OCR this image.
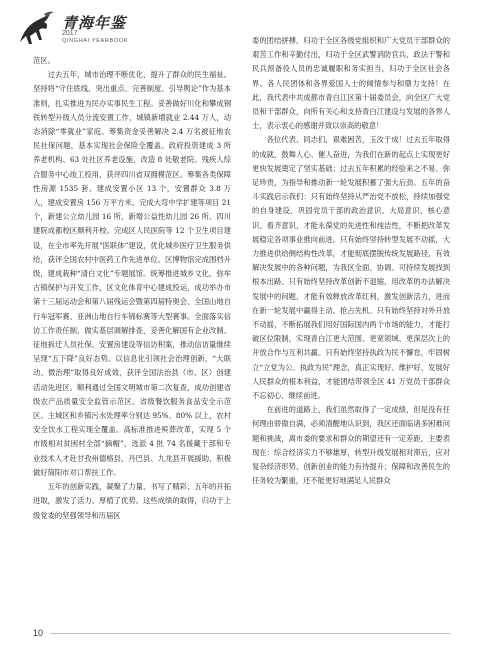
青海年鉴
2017
QINGHAI YEARBOOK

范区。

过去五年，城市治理不断优化，提升了群众的民生福祉。坚持将“守住底线、突出重点、完善制度、引导舆论”作为基本准则，扎实推进为民办实事民生工程。妥善做好川化和攀成钢铁转型升级人员分流安置工作，城镇新增就业 2.44 万人，动态消除“零就业”家庭。筹集资金妥善解决 2.4 万名被征地农民社保问题，基本实现社会保险全覆盖。政府投资建成 3 所养老机构、63 处社区养老设施，改造 8 处敬老院。残疾人综合服务中心竣工投用，获评四川省双拥模范区。筹集各类保障性房源 1535 套。建成安置小区 13 个，安置群众 3.8 万人，建成安置房 156 万平方米。完成大弯中学扩建等项目 21 个，新建公立幼儿园 16 所，新增公益性幼儿园 26 所。四川建院成都校区顺利开校。完成区人民医院等 12 个卫生项目建设，在全市率先开展“医联体”建设，优化城乡医疗卫生服务供给，获评全国农村中医药工作先进单位。区博物馆完成围档升级，建成栽种“清白文化”专题展馆。统筹推进城乡文化，弥牟古镇保护与开发工作，区文化体育中心建成投运，成功举办市第十三届运动会和第八届残运会暨第四届特奥会、全国山地自行车冠军赛、亚洲山地自行车锦标赛等大型赛事。全面落实信访工作责任制，做实基层调解排查，妥善化解国有企业改制、征地拆迁人员社保、安置房建设等信访积案，推动信访量继续呈现“五下降”良好态势。以信息化引领社会治理创新，“大联动、微治理”取得良好成效，获评全国法治县（市、区）创建活动先进区。顺利通过全国文明城市第二次复查，成功创建省级农产品质量安全监管示范区、省级餐饮服务食品安全示范区。主城区和乡镇污水处理率分别达 95%、80% 以上，农村安全饮水工程实现全覆盖。高标准推进殡葬改革，实现 5 个市级相对贫困村全部“摘帽”，选派 4 批 74 名援藏干部和专业技术人才赴甘孜州德格县、丹巴县、九龙县开展援助，积极做好简阳市对口帮扶工作。

五年的创新实践，凝聚了力量、书写了精彩；五年的开拓进取，激发了活力、厚植了优势。这些成绩的取得，归功于上级党委的坚强领导和历届区

委的团结拼搏，归功于全区各级党组织和广大党员干部群众的艰苦工作和辛勤付出，归功于全区武警消防官兵、政法干警和民兵预备役人员的忠诚履职和务实担当，归功于全区社会各界、各人民团体和各界爱国人士的倾情参与和鼎力支持！在此，我代表中共成都市青白江区第十届委员会，向全区广大党员和干部群众，向所有关心和支持青白江建设与发展的各界人士，表示衷心的感谢并致以崇高的敬意！

各位代表、同志们，艰难困苦，玉汝于成！过去五年取得的成就，鼓舞人心、催人奋进，为我们在新的起点上实现更好更快发展奠定了坚实基础；过去五年积累的经验来之不易、弥足珍贵，为指导和推动新一轮发展积蓄了强大后劲。五年的奋斗实践启示我们：只有始终坚持从严治党不放松，持续加强党的自身建设，巩固党员干部的政治意识、大局意识、核心意识、看齐意识，才能永葆党的先进性和纯洁性，不断把改革发展稳定各项事业推向前进。只有始终坚持转型发展不动摇，大力推进供给侧结构性改革，才能彻底摆脱传统发展路径，有效解决发展中的各种问题，为我区全面、协调、可持续发展找到根本出路。只有始终坚持改革创新不退缩，用改革的办法解决发展中的问题，才能有效释放改革红利，激发创新活力，进而在新一轮发展中赢得主动、抢占先机。只有始终坚持对外开放不动摇，不断拓展我们用好国际国内两个市场的能力，才能打破区位限制，实现青白江更大范围、更宽领域、更深层次上的开放合作与互利共赢。只有始终坚持执政为民不懈怠，牢固树立“立党为公、执政为民”理念，真正实现好、维护好、发展好人民群众的根本利益，才能团结带领全区 41 万党员干部群众不忘初心、继续前进。

在前进的道路上，我们虽然取得了一定成绩，但是没有任何理由骄傲自满，必须清醒地认识到，我区还面临诸多困难问题和挑战，离市委的要求和群众的期望还有一定差距，主要表现在：综合经济实力不够雄厚，转型升级发展相对滞后，应对复杂经济形势、创新创业的能力有待提升；保障和改善民生的任务较为繁重，还不能更好地满足人民群众

10
